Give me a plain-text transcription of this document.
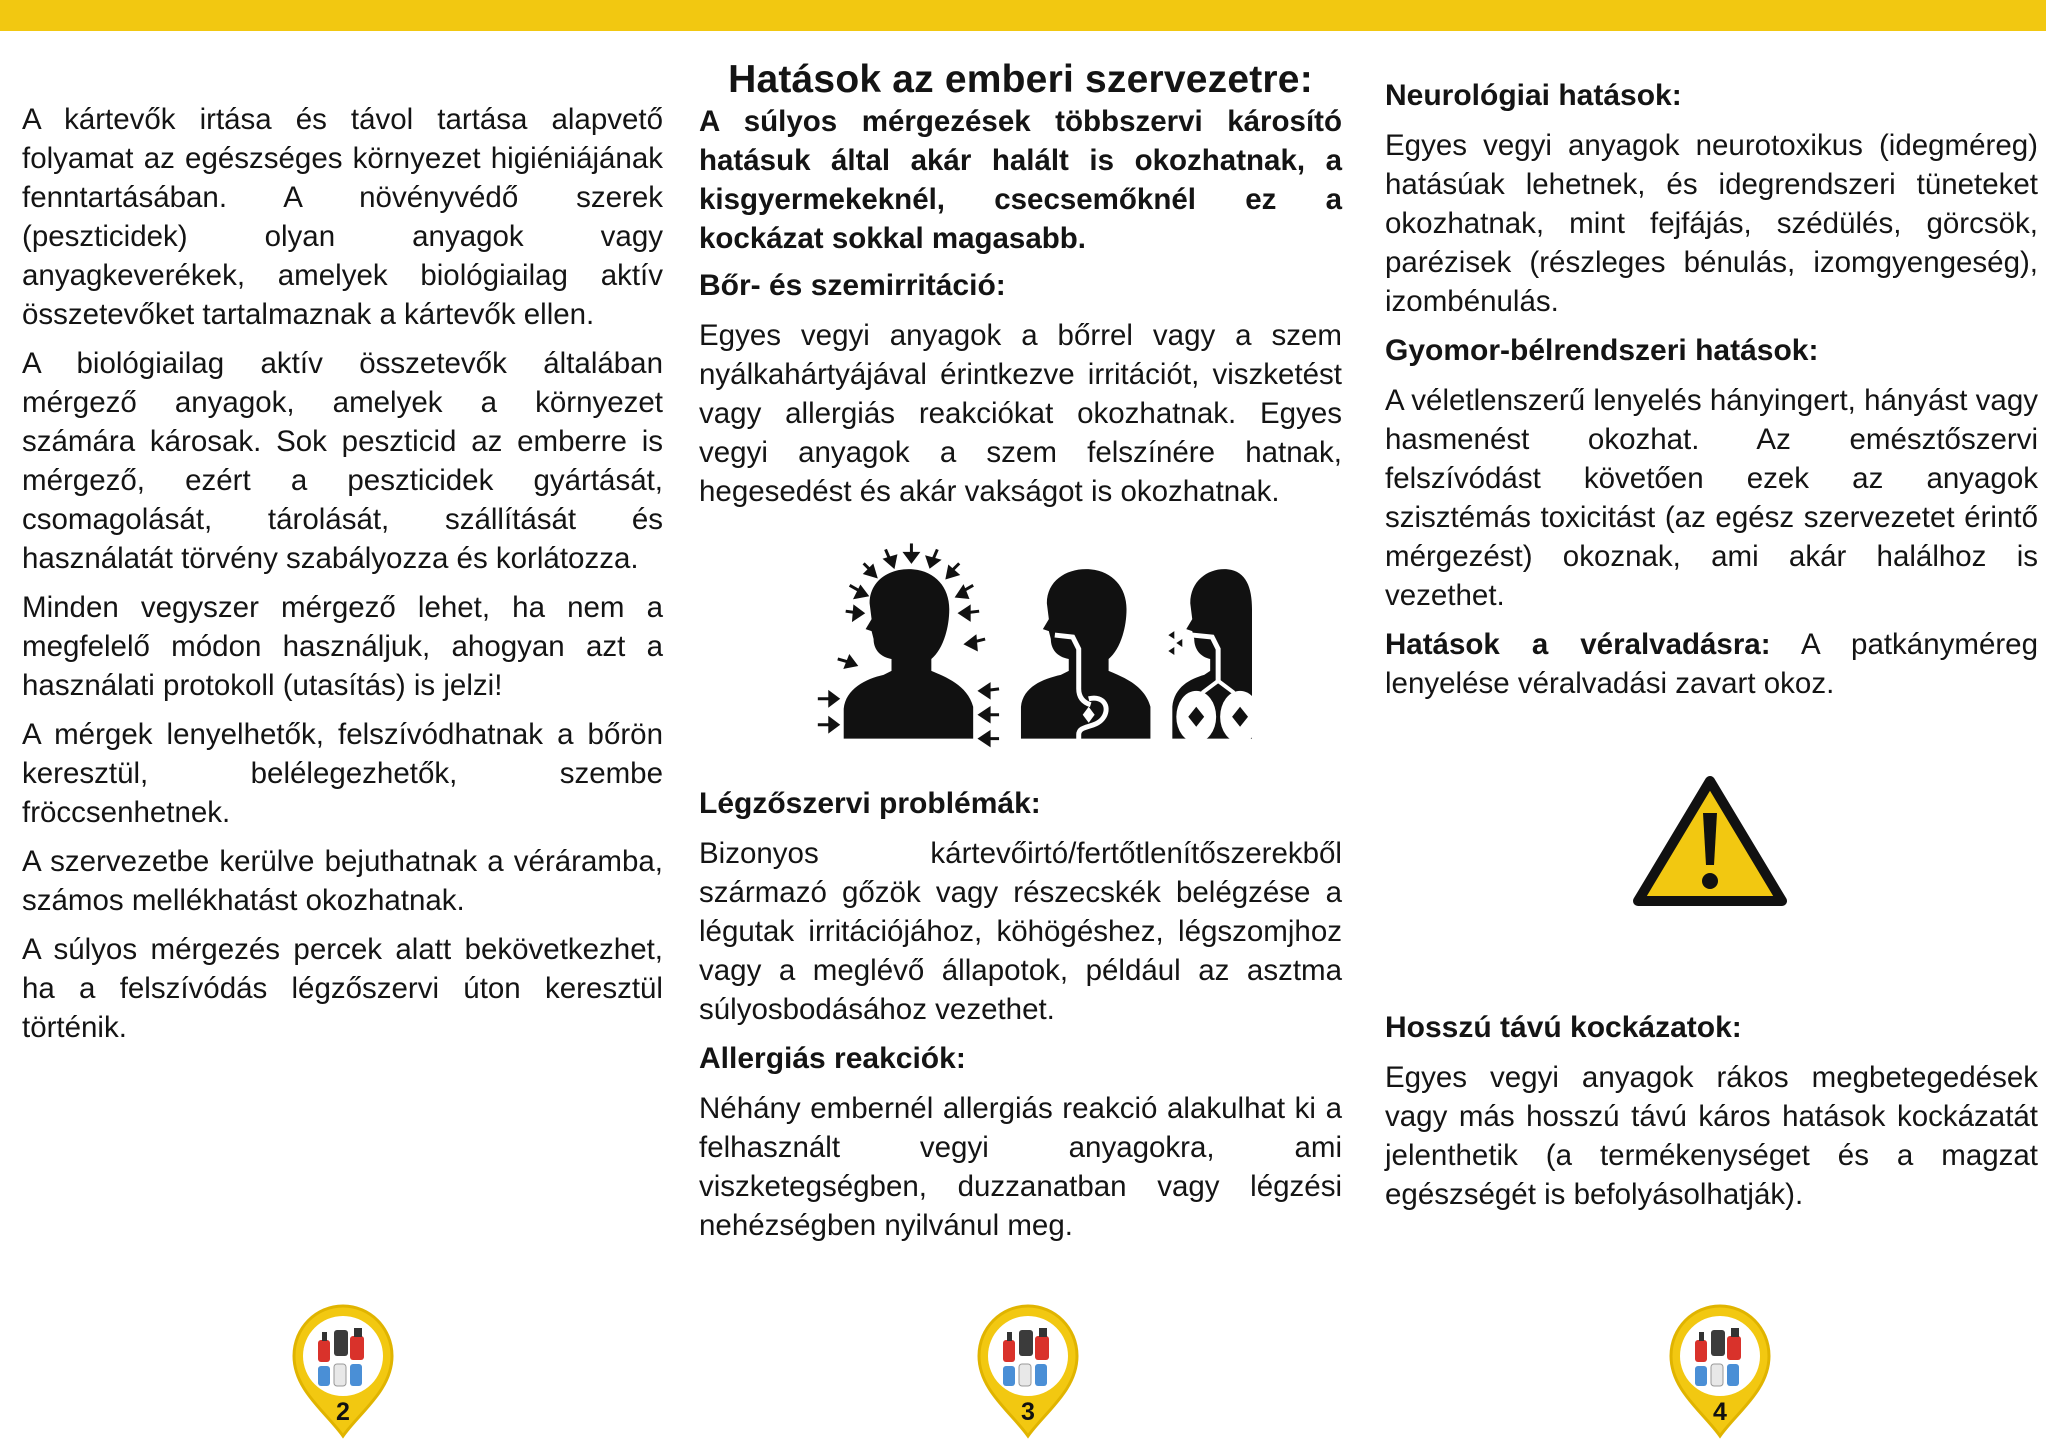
A kártevők irtása és távol tartása alapvető folyamat az egészséges környezet higiéniájának fenntartásában. A növényvédő szerek (peszticidek) olyan anyagok vagy anyagkeverékek, amelyek biológiailag aktív összetevőket tartalmaznak a kártevők ellen.

A biológiailag aktív összetevők általában mérgező anyagok, amelyek a környezet számára károsak. Sok peszticid az emberre is mérgező, ezért a peszticidek gyártását, csomagolását, tárolását, szállítását és használatát törvény szabályozza és korlátozza.

Minden vegyszer mérgező lehet, ha nem a megfelelő módon használjuk, ahogyan azt a használati protokoll (utasítás) is jelzi!

A mérgek lenyelhetők, felszívódhatnak a bőrön keresztül, belélegezhetők, szembe fröccsenhetnek.

A szervezetbe kerülve bejuthatnak a véráramba, számos mellékhatást okozhatnak.

A súlyos mérgezés percek alatt bekövetkezhet, ha a felszívódás légzőszervi úton keresztül történik.

Hatások az emberi szervezetre:

A súlyos mérgezések többszervi károsító hatásuk által akár halált is okozhatnak, a kisgyermekeknél, csecsemőknél ez a kockázat sokkal magasabb.

Bőr- és szemirritáció:

Egyes vegyi anyagok a bőrrel vagy a szem nyálkahártyájával érintkezve irritációt, viszketést vagy allergiás reakciókat okozhatnak. Egyes vegyi anyagok a szem felszínére hatnak, hegesedést és akár vakságot is okozhatnak.

Légzőszervi problémák:

Bizonyos kártevőirtó/fertőtlenítőszerekből származó gőzök vagy részecskék belégzése a légutak irritációjához, köhögéshez, légszomjhoz vagy a meglévő állapotok, például az asztma súlyosbodásához vezethet.

Allergiás reakciók:

Néhány embernél allergiás reakció alakulhat ki a felhasznált vegyi anyagokra, ami viszketegségben, duzzanatban vagy légzési nehézségben nyilvánul meg.

Neurológiai hatások:

Egyes vegyi anyagok neurotoxikus (idegméreg) hatásúak lehetnek, és idegrendszeri tüneteket okozhatnak, mint fejfájás, szédülés, görcsök, parézisek (részleges bénulás, izomgyengeség), izombénulás.

Gyomor-bélrendszeri hatások:

A véletlenszerű lenyelés hányingert, hányást vagy hasmenést okozhat. Az emésztőszervi felszívódást követően ezek az anyagok szisztémás toxicitást (az egész szervezetet érintő mérgezést) okoznak, ami akár halálhoz is vezethet.

Hatások a véralvadásra: A patkányméreg lenyelése véralvadási zavart okoz.

Hosszú távú kockázatok:

Egyes vegyi anyagok rákos megbetegedések vagy más hosszú távú káros hatások kockázatát jelenthetik (a termékenységet és a magzat egészségét is befolyásolhatják).

2	3	4
